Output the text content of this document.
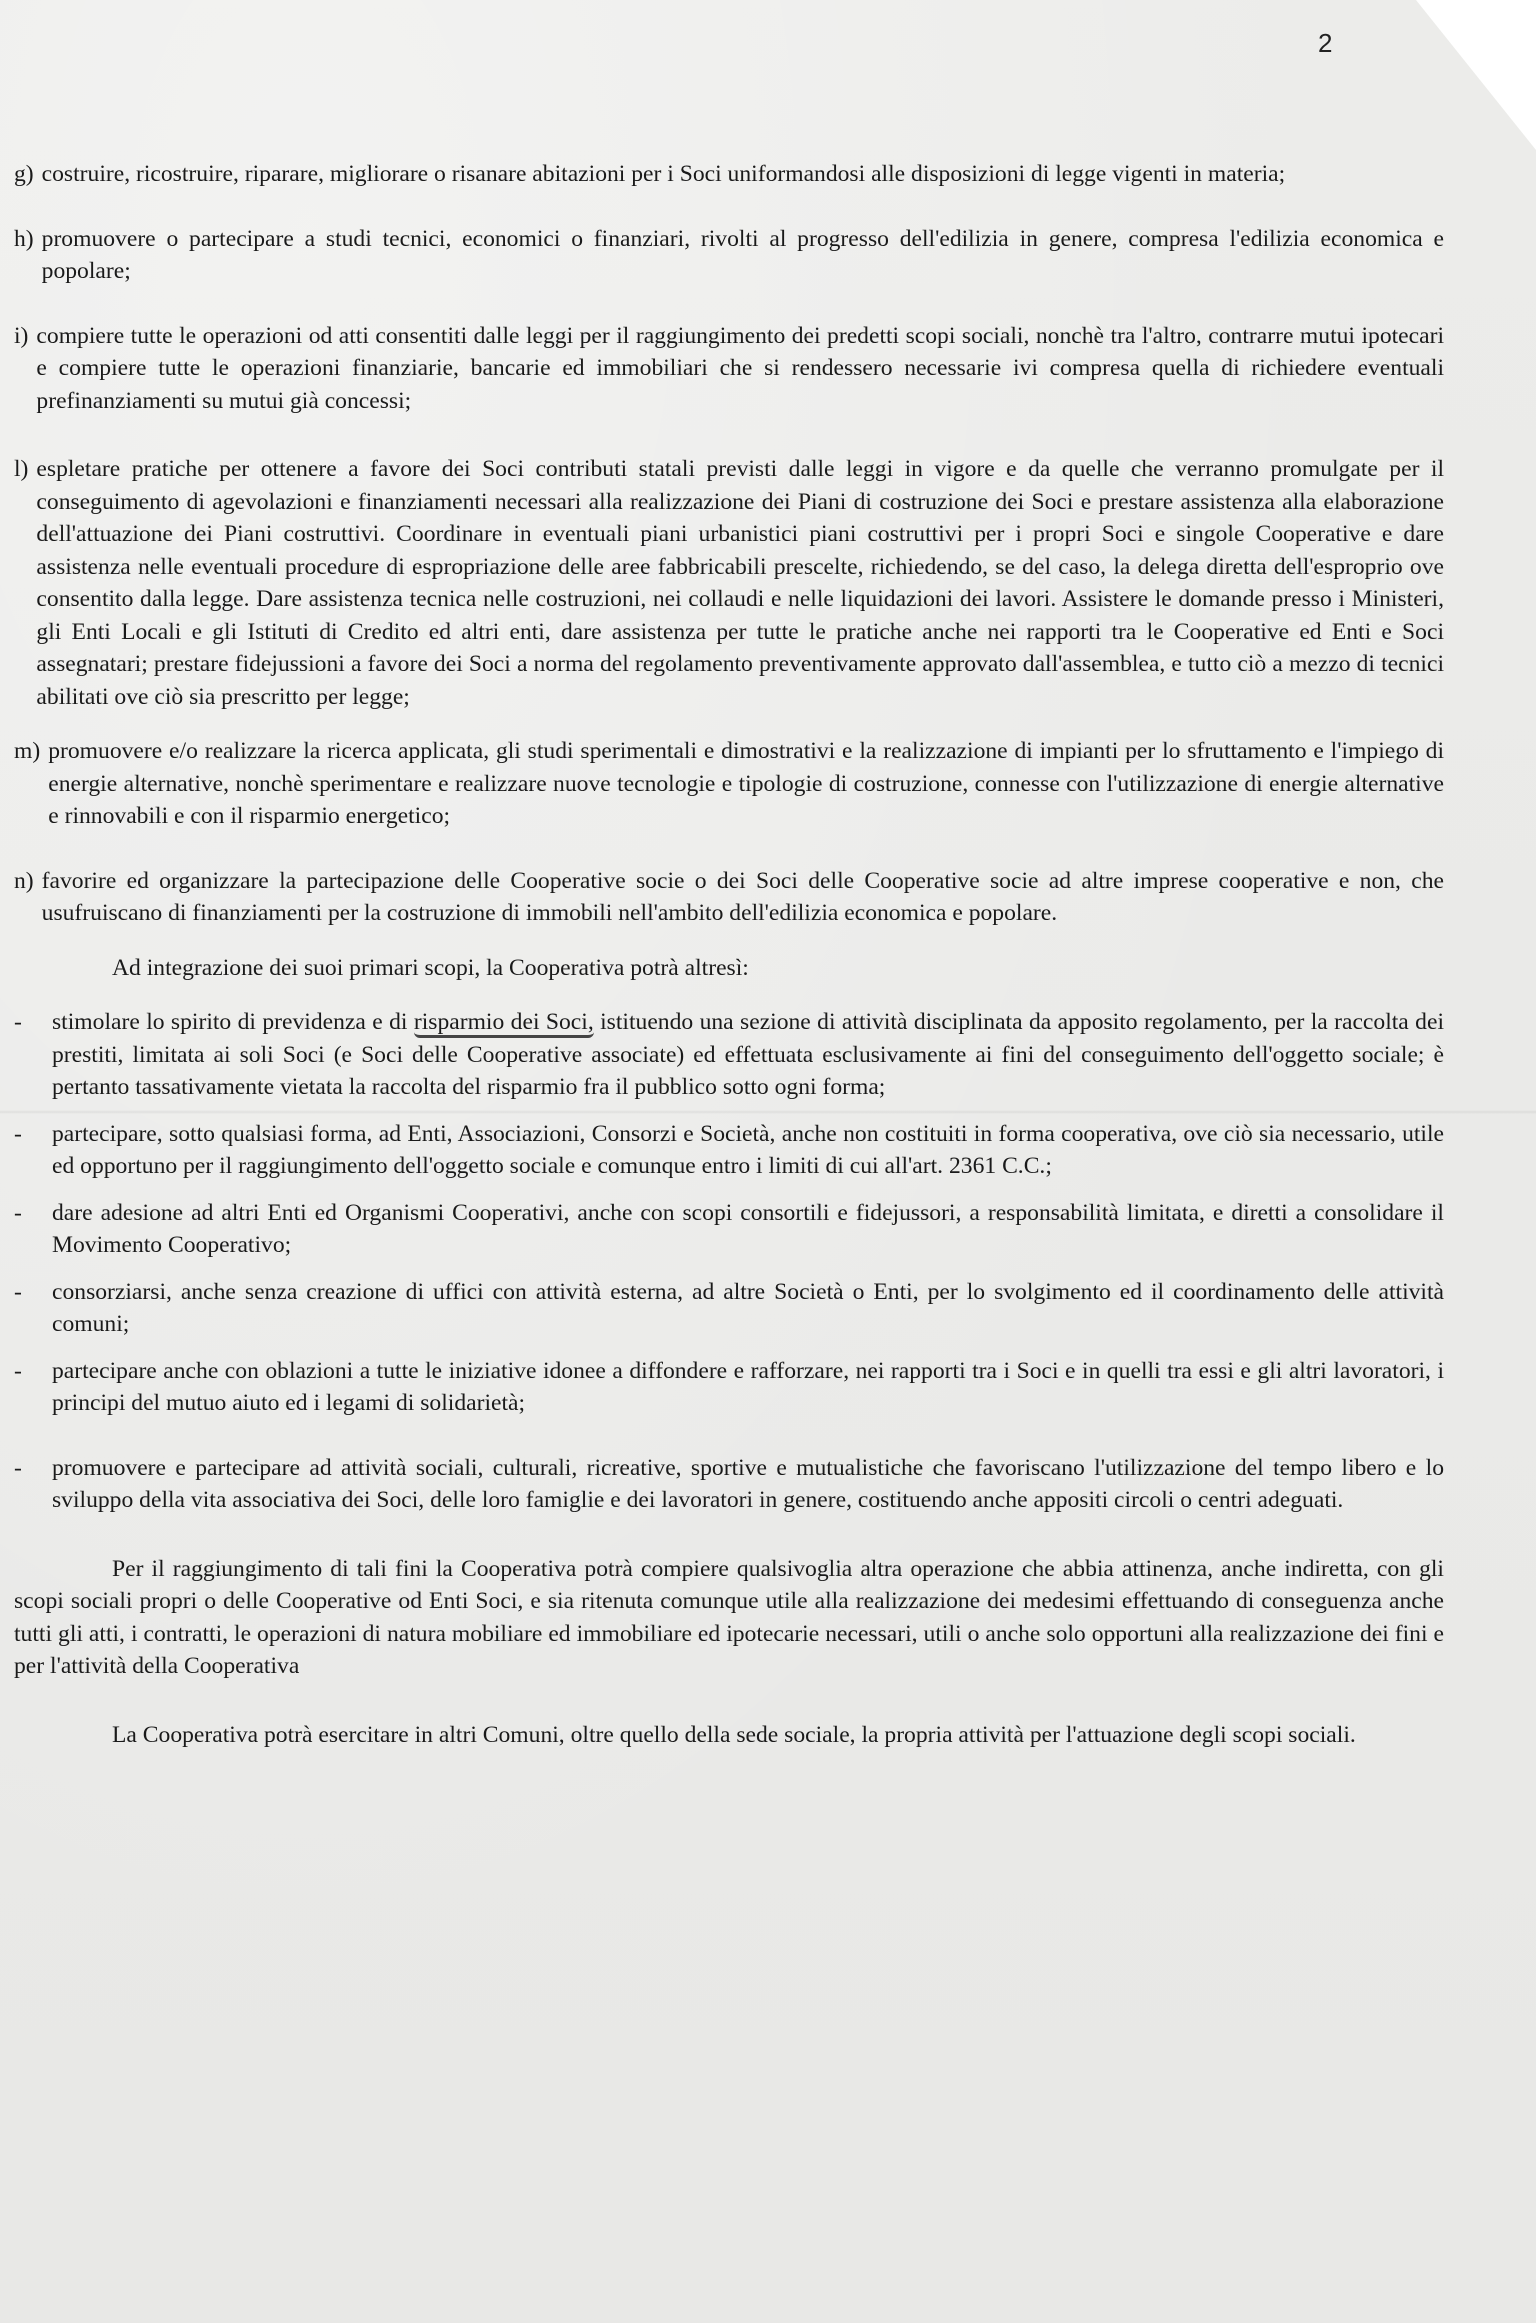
2
g) costruire, ricostruire, riparare, migliorare o risanare abitazioni per i Soci uniformandosi alle disposizioni di legge vigenti in materia;
h) promuovere o partecipare a studi tecnici, economici o finanziari, rivolti al progresso dell'edilizia in genere, compresa l'edilizia economica e popolare;
i) compiere tutte le operazioni od atti consentiti dalle leggi per il raggiungimento dei predetti scopi sociali, nonchè tra l'altro, contrarre mutui ipotecari e compiere tutte le operazioni finanziarie, bancarie ed immobiliari che si rendessero necessarie ivi compresa quella di richiedere eventuali prefinanziamenti su mutui già concessi;
l) espletare pratiche per ottenere a favore dei Soci contributi statali previsti dalle leggi in vigore e da quelle che verranno promulgate per il conseguimento di agevolazioni e finanziamenti necessari alla realizzazione dei Piani di costruzione dei Soci e prestare assistenza alla elaborazione dell'attuazione dei Piani costruttivi. Coordinare in eventuali piani urbanistici piani costruttivi per i propri Soci e singole Cooperative e dare assistenza nelle eventuali procedure di espropriazione delle aree fabbricabili prescelte, richiedendo, se del caso, la delega diretta dell'esproprio ove consentito dalla legge. Dare assistenza tecnica nelle costruzioni, nei collaudi e nelle liquidazioni dei lavori. Assistere le domande presso i Ministeri, gli Enti Locali e gli Istituti di Credito ed altri enti, dare assistenza per tutte le pratiche anche nei rapporti tra le Cooperative ed Enti e Soci assegnatari; prestare fidejussioni a favore dei Soci a norma del regolamento preventivamente approvato dall'assemblea, e tutto ciò a mezzo di tecnici abilitati ove ciò sia prescritto per legge;
m) promuovere e/o realizzare la ricerca applicata, gli studi sperimentali e dimostrativi e la realizzazione di impianti per lo sfruttamento e l'impiego di energie alternative, nonchè sperimentare e realizzare nuove tecnologie e tipologie di costruzione, connesse con l'utilizzazione di energie alternative e rinnovabili e con il risparmio energetico;
n) favorire ed organizzare la partecipazione delle Cooperative socie o dei Soci delle Cooperative socie ad altre imprese cooperative e non, che usufruiscano di finanziamenti per la costruzione di immobili nell'ambito dell'edilizia economica e popolare.
Ad integrazione dei suoi primari scopi, la Cooperativa potrà altresì:
-	stimolare lo spirito di previdenza e di risparmio dei Soci, istituendo una sezione di attività disciplinata da apposito regolamento, per la raccolta dei prestiti, limitata ai soli Soci (e Soci delle Cooperative associate) ed effettuata esclusivamente ai fini del conseguimento dell'oggetto sociale; è pertanto tassativamente vietata la raccolta del risparmio fra il pubblico sotto ogni forma;
-	partecipare, sotto qualsiasi forma, ad Enti, Associazioni, Consorzi e Società, anche non costituiti in forma cooperativa, ove ciò sia necessario, utile ed opportuno per il raggiungimento dell'oggetto sociale e comunque entro i limiti di cui all'art. 2361 C.C.;
-	dare adesione ad altri Enti ed Organismi Cooperativi, anche con scopi consortili e fidejussori, a responsabilità limitata, e diretti a consolidare il Movimento Cooperativo;
-	consorziarsi, anche senza creazione di uffici con attività esterna, ad altre Società o Enti, per lo svolgimento ed il coordinamento delle attività comuni;
-	partecipare anche con oblazioni a tutte le iniziative idonee a diffondere e rafforzare, nei rapporti tra i Soci e in quelli tra essi e gli altri lavoratori, i principi del mutuo aiuto ed i legami di solidarietà;
-	promuovere e partecipare ad attività sociali, culturali, ricreative, sportive e mutualistiche che favoriscano l'utilizzazione del tempo libero e lo sviluppo della vita associativa dei Soci, delle loro famiglie e dei lavoratori in genere, costituendo anche appositi circoli o centri adeguati.
Per il raggiungimento di tali fini la Cooperativa potrà compiere qualsivoglia altra operazione che abbia attinenza, anche indiretta, con gli scopi sociali propri o delle Cooperative od Enti Soci, e sia ritenuta comunque utile alla realizzazione dei medesimi effettuando di conseguenza anche tutti gli atti, i contratti, le operazioni di natura mobiliare ed immobiliare ed ipotecarie necessari, utili o anche solo opportuni alla realizzazione dei fini e per l'attività della Cooperativa
La Cooperativa potrà esercitare in altri Comuni, oltre quello della sede sociale, la propria attività per l'attuazione degli scopi sociali.
